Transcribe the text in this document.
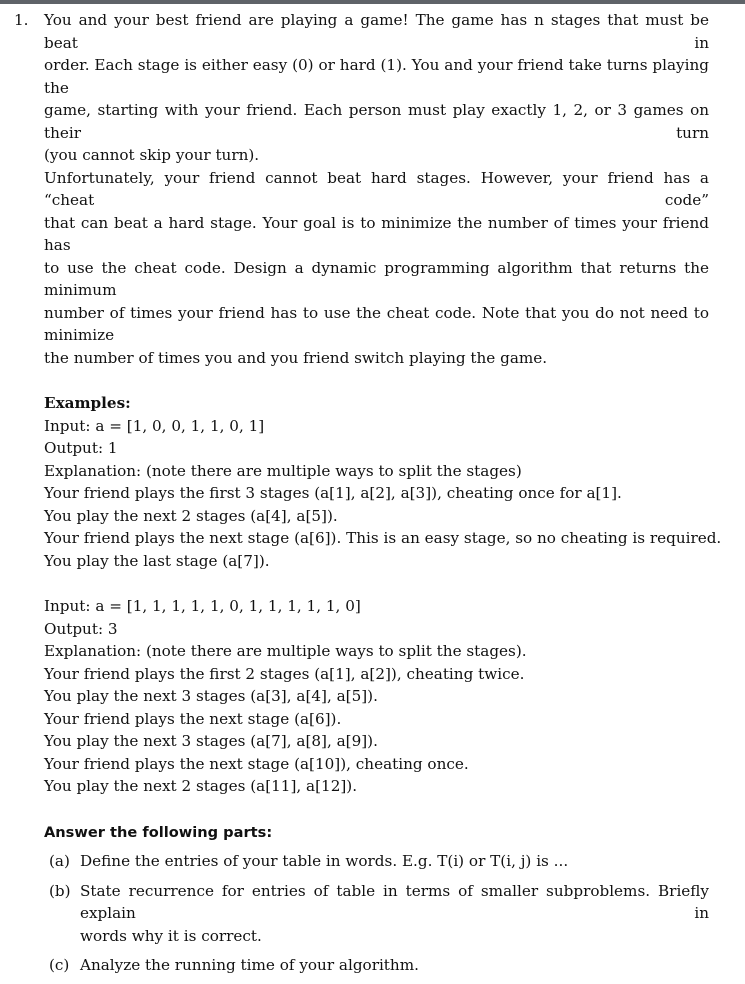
1. You and your best friend are playing a game! The game has n stages that must be beat in
order. Each stage is either easy (0) or hard (1). You and your friend take turns playing the
game, starting with your friend. Each person must play exactly 1, 2, or 3 games on their turn
(you cannot skip your turn).
Unfortunately, your friend cannot beat hard stages. However, your friend has a “cheat code”
that can beat a hard stage. Your goal is to minimize the number of times your friend has
to use the cheat code. Design a dynamic programming algorithm that returns the minimum
number of times your friend has to use the cheat code. Note that you do not need to minimize
the number of times you and you friend switch playing the game.
Examples:
Input: a = [1, 0, 0, 1, 1, 0, 1]
Output: 1
Explanation: (note there are multiple ways to split the stages)
Your friend plays the first 3 stages (a[1], a[2], a[3]), cheating once for a[1].
You play the next 2 stages (a[4], a[5]).
Your friend plays the next stage (a[6]). This is an easy stage, so no cheating is required.
You play the last stage (a[7]).
Input: a = [1, 1, 1, 1, 1, 0, 1, 1, 1, 1, 1, 0]
Output: 3
Explanation: (note there are multiple ways to split the stages).
Your friend plays the first 2 stages (a[1], a[2]), cheating twice.
You play the next 3 stages (a[3], a[4], a[5]).
Your friend plays the next stage (a[6]).
You play the next 3 stages (a[7], a[8], a[9]).
Your friend plays the next stage (a[10]), cheating once.
You play the next 2 stages (a[11], a[12]).
Answer the following parts:
(a) Define the entries of your table in words. E.g. T(i) or T(i, j) is ...
(b) State recurrence for entries of table in terms of smaller subproblems. Briefly explain in
words why it is correct.
(c) Analyze the running time of your algorithm.
